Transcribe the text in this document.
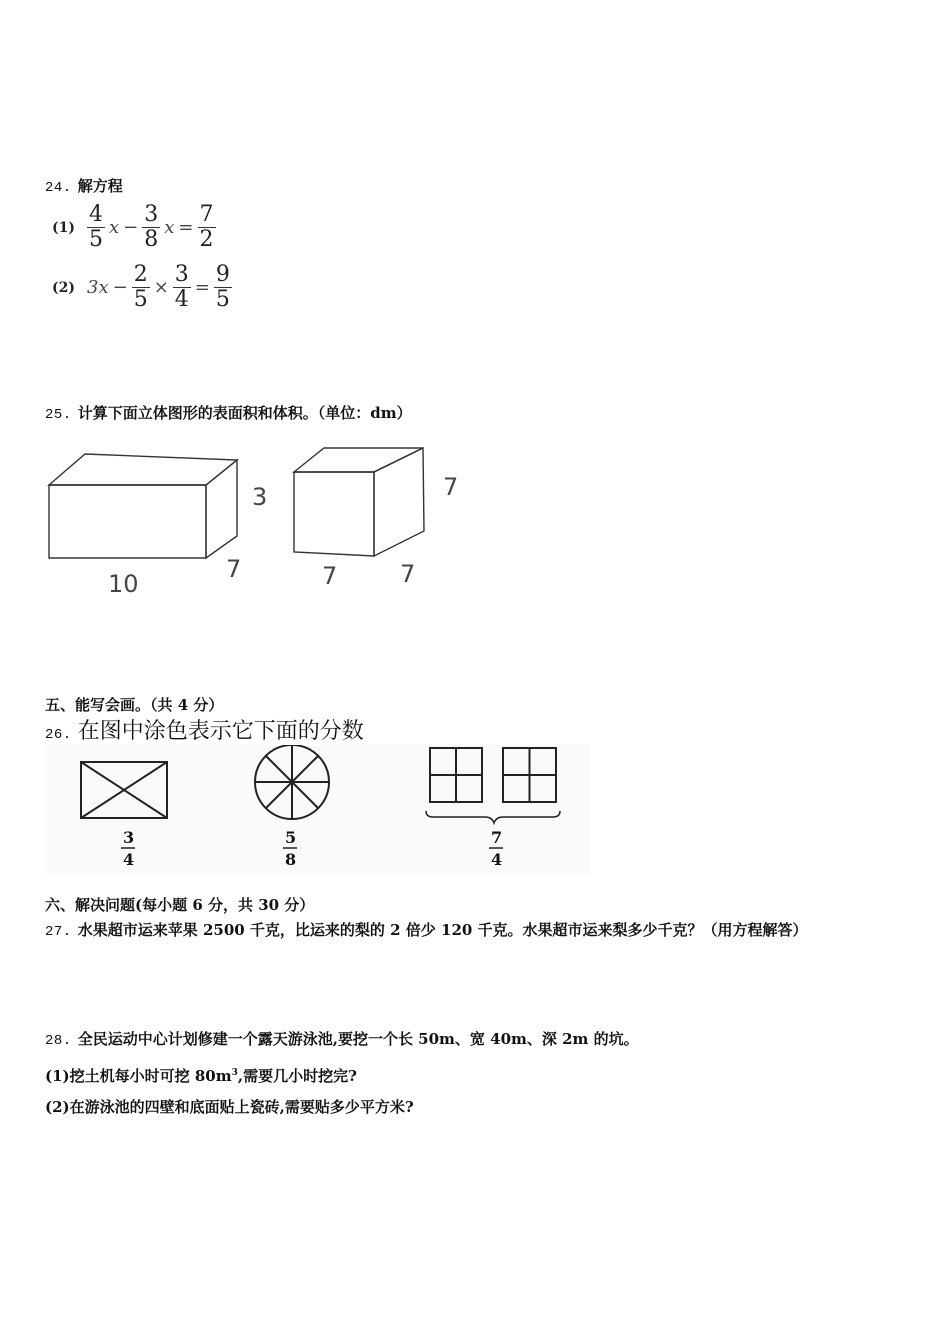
24. 解方程
$(1) \frac{4}{5}$ $x - \frac{3}{8}$ $x = \frac{7}{2}$
(2) $3x - \frac{2}{5} \times \frac{3}{4} = \frac{9}{5}$
25. 计算下面立体图形的表面积和体积。（单位：dm）
3
10
7
7
7	7
五、能写会画。（共 4 分）
26. 在图中涂色表示它下面的分数
3
4
5
8
7
4
六、解决问题(每小题 6 分，共 30 分）
27. 水果超市运来苹果 2500 千克，比运来的梨的 2 倍少 120 千克。水果超市运来梨多少千克？（用方程解答）
28. 全民运动中心计划修建一个露天游泳池,要挖一个长 50m、宽 40m、深 2m 的坑。
(1)挖土机每小时可挖 $80m^3$,需要几小时挖完?
(2)在游泳池的四壁和底面贴上瓷砖,需要贴多少平方米?
